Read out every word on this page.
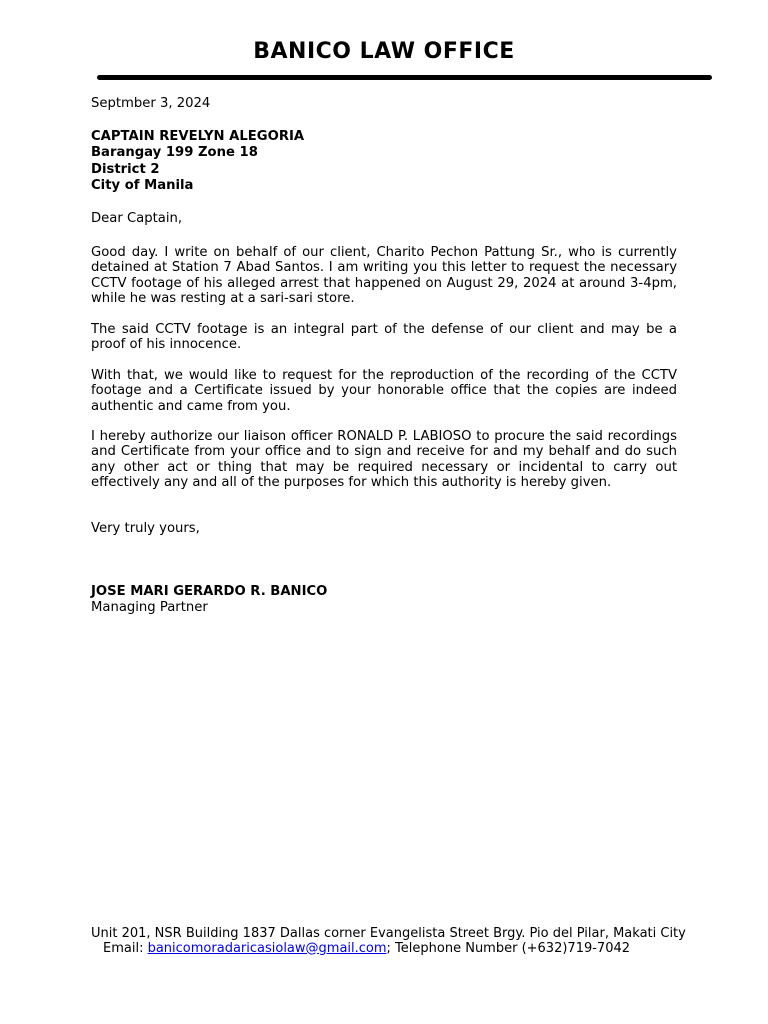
BANICO LAW OFFICE
Septmber 3, 2024
CAPTAIN REVELYN ALEGORIA
Barangay 199 Zone 18
District 2
City of Manila
Dear Captain,
Good day. I write on behalf of our client, Charito Pechon Pattung Sr., who is currently detained at Station 7 Abad Santos. I am writing you this letter to request the necessary CCTV footage of his alleged arrest that happened on August 29, 2024 at around 3-4pm, while he was resting at a sari-sari store.
The said CCTV footage is an integral part of the defense of our client and may be a proof of his innocence.
With that, we would like to request for the reproduction of the recording of the CCTV footage and a Certificate issued by your honorable office that the copies are indeed authentic and came from you.
I hereby authorize our liaison officer RONALD P. LABIOSO to procure the said recordings and Certificate from your office and to sign and receive for and my behalf and do such any other act or thing that may be required necessary or incidental to carry out effectively any and all of the purposes for which this authority is hereby given.
Very truly yours,
JOSE MARI GERARDO R. BANICO
Managing Partner
Unit 201, NSR Building 1837 Dallas corner Evangelista Street Brgy. Pio del Pilar, Makati City
Email: banicomoradaricasiolaw@gmail.com; Telephone Number (+632)719-7042
